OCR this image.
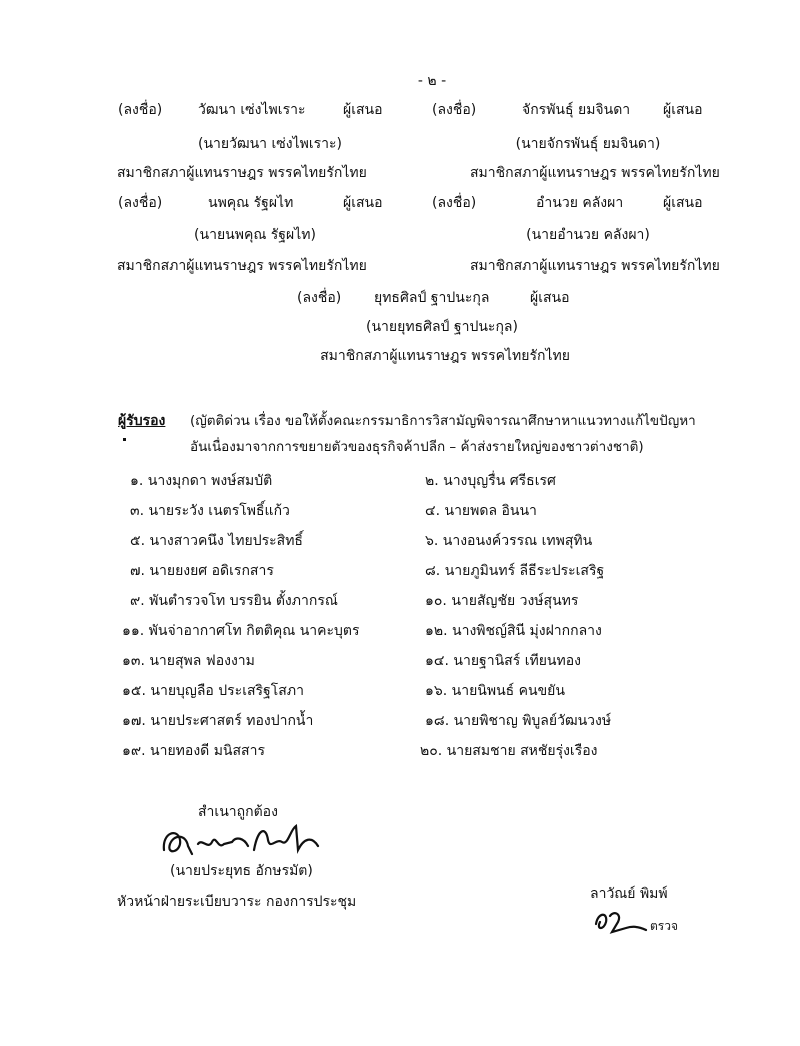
- ๒ -
(ลงชื่อ)	วัฒนา เซ่งไพเราะ	ผู้เสนอ
(นายวัฒนา เซ่งไพเราะ)
สมาชิกสภาผู้แทนราษฎร พรรคไทยรักไทย
(ลงชื่อ)	จักรพันธุ์ ยมจินดา ผู้เสนอ
(นายจักรพันธุ์ ยมจินดา)
สมาชิกสภาผู้แทนราษฎร พรรคไทยรักไทย
(ลงชื่อ)	นพคุณ รัฐผไท	ผู้เสนอ
(นายนพคุณ รัฐผไท)
สมาชิกสภาผู้แทนราษฎร พรรคไทยรักไทย
(ลงชื่อ)	อำนวย คลังผา	ผู้เสนอ
(นายอำนวย คลังผา)
สมาชิกสภาผู้แทนราษฎร พรรคไทยรักไทย
(ลงชื่อ) ยุทธศิลป์ ฐาปนะกุล	ผู้เสนอ
(นายยุทธศิลป์ ฐาปนะกุล)
สมาชิกสภาผู้แทนราษฎร พรรคไทยรักไทย
ผู้รับรอง (ญัตติด่วน เรื่อง ขอให้ตั้งคณะกรรมาธิการวิสามัญพิจารณาศึกษาหาแนวทางแก้ไขปัญหา
อันเนื่องมาจากการขยายตัวของธุรกิจค้าปลีก – ค้าส่งรายใหญ่ของชาวต่างชาติ)
๑. นางมุกดา พงษ์สมบัติ	๒. นางบุญรื่น ศรีธเรศ
๓. นายระวัง เนตรโพธิ์แก้ว	๔. นายพดล อินนา
๕. นางสาวคนึง ไทยประสิทธิ์	๖. นางอนงค์วรรณ เทพสุทิน
๗. นายยงยศ อดิเรกสาร	๘. นายภูมินทร์ ลีธีระประเสริฐ
๙. พันตำรวจโท บรรยิน ตั้งภากรณ์	๑๐. นายสัญชัย วงษ์สุนทร
๑๑. พันจ่าอากาศโท กิตติคุณ นาคะบุตร	๑๒. นางพิชญ์สินี มุ่งฝากกลาง
๑๓. นายสุพล ฟองงาม	๑๔. นายฐานิสร์ เทียนทอง
๑๕. นายบุญลือ ประเสริฐโสภา	๑๖. นายนิพนธ์ คนขยัน
๑๗. นายประศาสตร์ ทองปากน้ำ	๑๘. นายพิชาญ พิบูลย์วัฒนวงษ์
๑๙. นายทองดี มนิสสาร	๒๐. นายสมชาย สหชัยรุ่งเรือง
สำเนาถูกต้อง
(นายประยุทธ อักษรมัต)
หัวหน้าฝ่ายระเบียบวาระ กองการประชุม	ลาวัณย์ พิมพ์
ตรวจ
